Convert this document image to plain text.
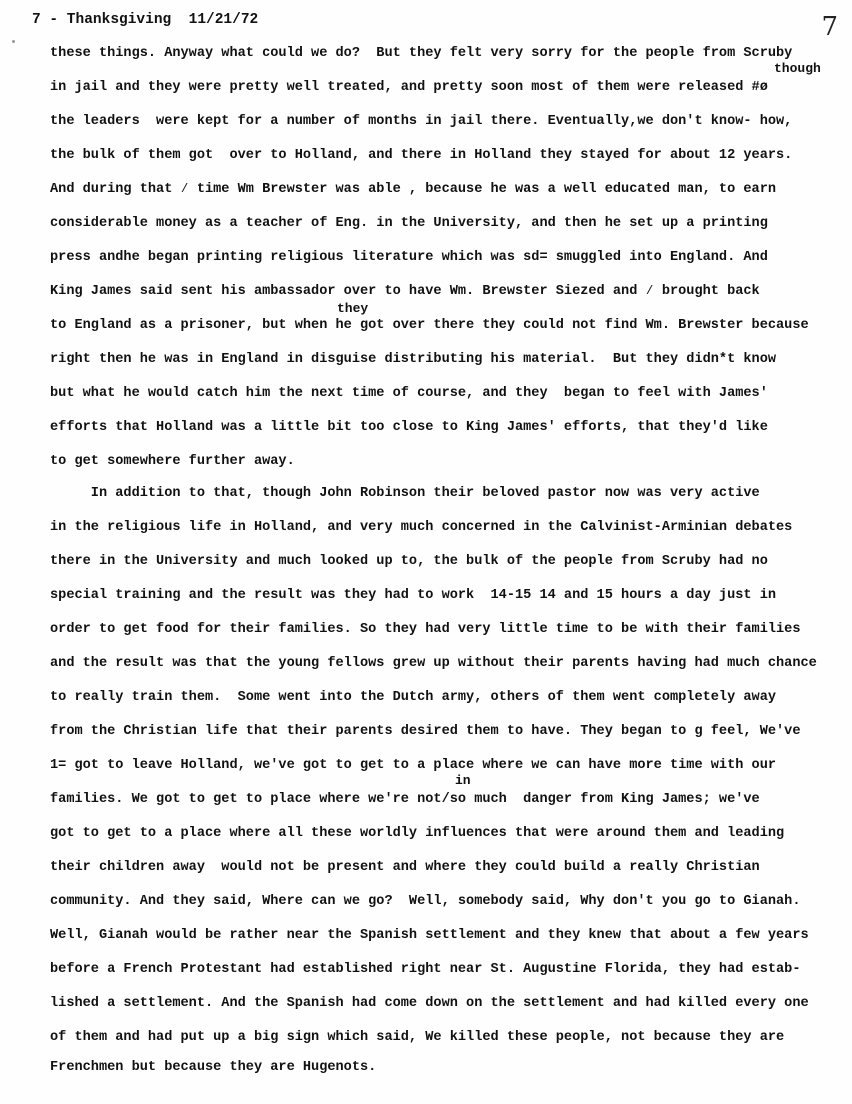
7 - Thanksgiving  11/21/72	7
though
they
in
these things. Anyway what could we do?  But they felt very sorry for the people from Scruby
in jail and they were pretty well treated, and pretty soon most of them were released #ø
the leaders  were kept for a number of months in jail there. Eventually,we don't know- how,
the bulk of them got  over to Holland, and there in Holland they stayed for about 12 years.
And during that ∕ time Wm Brewster was able , because he was a well educated man, to earn
considerable money as a teacher of Eng. in the University, and then he set up a printing
press andhe began printing religious literature which was sd= smuggled into England. And
King James said sent his ambassador over to have Wm. Brewster Siezed and ∕ brought back
to England as a prisoner, but when he got over there they could not find Wm. Brewster because
right then he was in England in disguise distributing his material.  But they didn*t know
but what he would catch him the next time of course, and they  began to feel with James'
efforts that Holland was a little bit too close to King James' efforts, that they'd like
to get somewhere further away.
In addition to that, though John Robinson their beloved pastor now was very active
in the religious life in Holland, and very much concerned in the Calvinist-Arminian debates
there in the University and much looked up to, the bulk of the people from Scruby had no
special training and the result was they had to work  14-15 14 and 15 hours a day just in
order to get food for their families. So they had very little time to be with their families
and the result was that the young fellows grew up without their parents having had much chance
to really train them.  Some went into the Dutch army, others of them went completely away
from the Christian life that their parents desired them to have. They began to g feel, We've
1= got to leave Holland, we've got to get to a place where we can have more time with our
families. We got to get to place where we're not/so much  danger from King James; we've
got to get to a place where all these worldly influences that were around them and leading
their children away  would not be present and where they could build a really Christian
community. And they said, Where can we go?  Well, somebody said, Why don't you go to Gianah.
Well, Gianah would be rather near the Spanish settlement and they knew that about a few years
before a French Protestant had established right near St. Augustine Florida, they had estab-
lished a settlement. And the Spanish had come down on the settlement and had killed every one
of them and had put up a big sign which said, We killed these people, not because they are
Frenchmen but because they are Hugenots.
